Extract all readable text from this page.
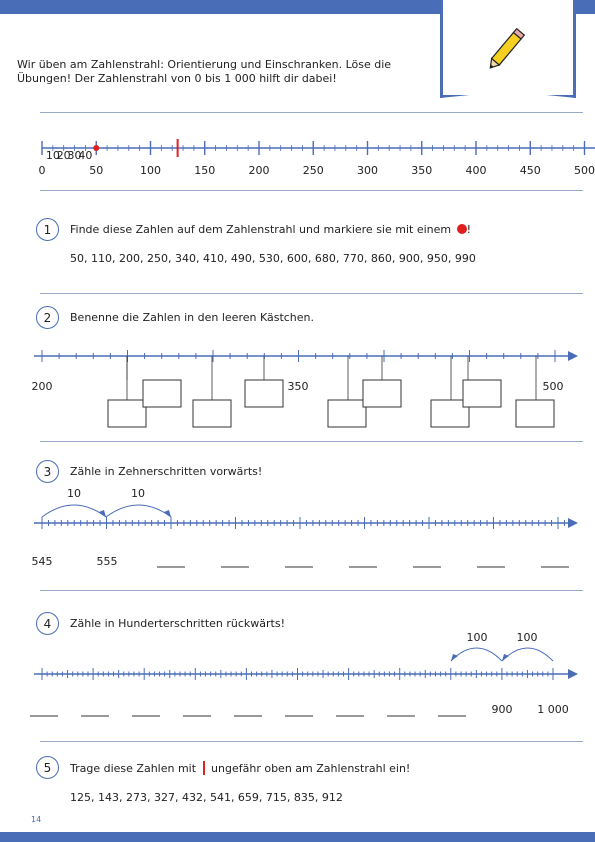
Wir üben am Zahlenstrahl: Orientierung und Einschranken. Löse die Übungen! Der Zahlenstrahl von 0 bis 1 000 hilft dir dabei!
0	50	100	150	200	250	300	350	400	450	500
10
20
30
40
1	Finde diese Zahlen auf dem Zahlenstrahl und markiere sie mit einem !
50, 110, 200, 250, 340, 410, 490, 530, 600, 680, 770, 860, 900, 950, 990
2	Benenne die Zahlen in den leeren Kästchen.
200	350	500
3	Zähle in Zehnerschritten vorwärts!
10	10
545	555
4	Zähle in Hunderterschritten rückwärts!
100	100
900 1 000
5	Trage diese Zahlen mit ungefähr oben am Zahlenstrahl ein!
125, 143, 273, 327, 432, 541, 659, 715, 835, 912
14
